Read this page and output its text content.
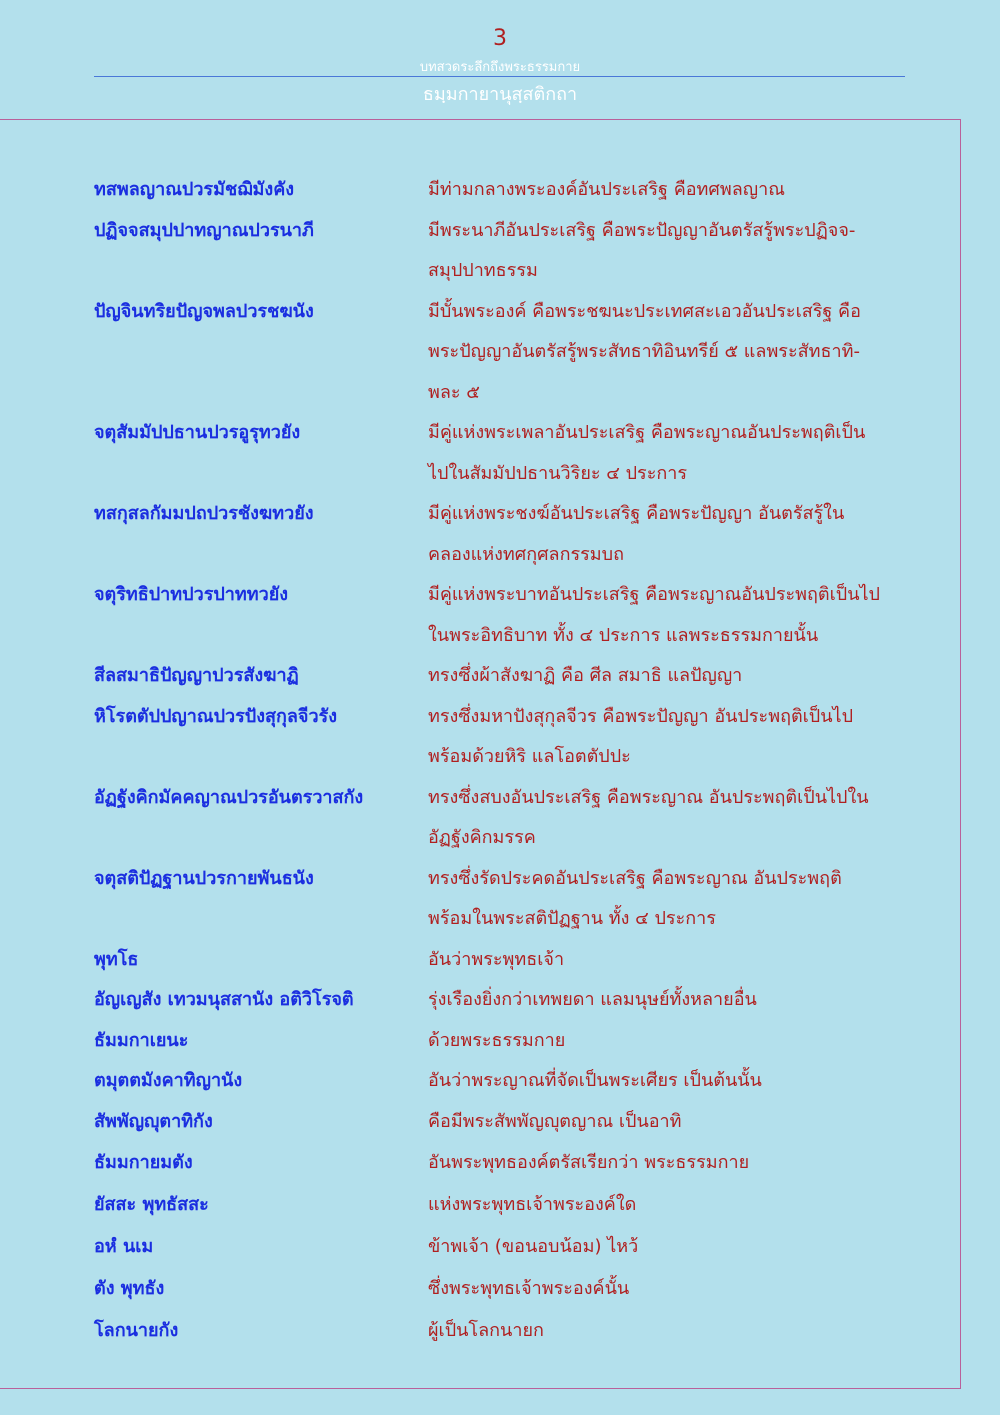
3
บทสวดระลึกถึงพระธรรมกาย
ธมฺมกายานุสฺสติกถา
ทสพลญาณปวรมัชฌิมังคัง	มีท่ามกลางพระองค์อันประเสริฐ คือทศพลญาณ
ปฏิจจสมุปปาทญาณปวรนาภี	มีพระนาภีอันประเสริฐ คือพระปัญญาอันตรัสรู้พระปฏิจจ-
สมุปปาทธรรม
ปัญจินทริยปัญจพลปวรชฆนัง	มีบั้นพระองค์ คือพระชฆนะประเทศสะเอวอันประเสริฐ คือ
พระปัญญาอันตรัสรู้พระสัทธาทิอินทรีย์ ๕ แลพระสัทธาทิ-
พละ ๕
จตุสัมมัปปธานปวรอูรุทวยัง	มีคู่แห่งพระเพลาอันประเสริฐ คือพระญาณอันประพฤติเป็น
ไปในสัมมัปปธานวิริยะ ๔ ประการ
ทสกุสลกัมมปถปวรชังฆทวยัง	มีคู่แห่งพระชงฆ์อันประเสริฐ คือพระปัญญา อันตรัสรู้ใน
คลองแห่งทศกุศลกรรมบถ
จตุริทธิปาทปวรปาททวยัง	มีคู่แห่งพระบาทอันประเสริฐ คือพระญาณอันประพฤติเป็นไป
ในพระอิทธิบาท ทั้ง ๔ ประการ แลพระธรรมกายนั้น
สีลสมาธิปัญญาปวรสังฆาฏิ	ทรงซึ่งผ้าสังฆาฏิ คือ ศีล สมาธิ แลปัญญา
หิโรตตัปปญาณปวรปังสุกุลจีวรัง	ทรงซึ่งมหาปังสุกุลจีวร คือพระปัญญา อันประพฤติเป็นไป
พร้อมด้วยหิริ แลโอตตัปปะ
อัฏฐังคิกมัคคญาณปวรอันตรวาสกัง	ทรงซึ่งสบงอันประเสริฐ คือพระญาณ อันประพฤติเป็นไปใน
อัฏฐังคิกมรรค
จตุสติปัฏฐานปวรกายพันธนัง	ทรงซึ่งรัดประคดอันประเสริฐ คือพระญาณ อันประพฤติ
พร้อมในพระสติปัฏฐาน ทั้ง ๔ ประการ
พุทโธ	อันว่าพระพุทธเจ้า
อัญเญสัง เทวมนุสสานัง อติวิโรจติ	รุ่งเรืองยิ่งกว่าเทพยดา แลมนุษย์ทั้งหลายอื่น
ธัมมกาเยนะ	ด้วยพระธรรมกาย
ตมุตตมังคาทิญานัง	อันว่าพระญาณที่จัดเป็นพระเศียร เป็นต้นนั้น
สัพพัญญุตาทิกัง	คือมีพระสัพพัญญุตญาณ เป็นอาทิ
ธัมมกายมตัง	อันพระพุทธองค์ตรัสเรียกว่า พระธรรมกาย
ยัสสะ พุทธัสสะ	แห่งพระพุทธเจ้าพระองค์ใด
อหํ นเม	ข้าพเจ้า (ขอนอบน้อม) ไหว้
ตัง พุทธัง	ซึ่งพระพุทธเจ้าพระองค์นั้น
โลกนายกัง	ผู้เป็นโลกนายก
